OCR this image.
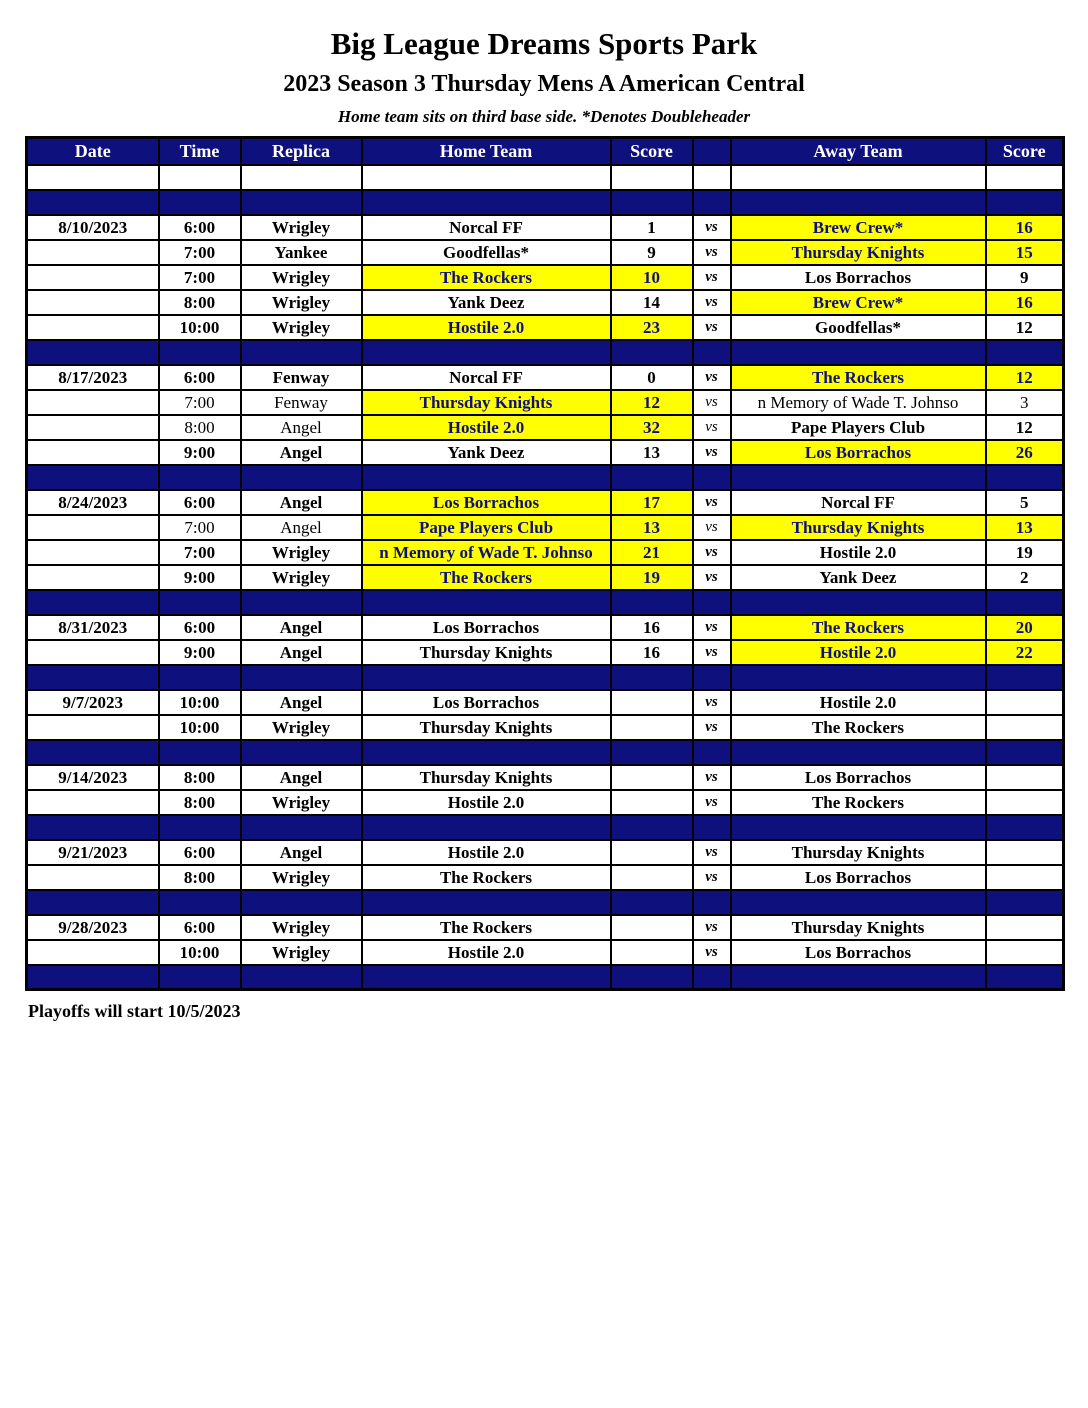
Big League Dreams Sports Park
2023 Season 3 Thursday Mens A American Central
Home team sits on third base side. *Denotes Doubleheader
Date	Time	Replica	Home Team	Score		Away Team	Score

8/10/2023	6:00	Wrigley	Norcal FF	1	vs	Brew Crew*	16
	7:00	Yankee	Goodfellas*	9	vs	Thursday Knights	15
	7:00	Wrigley	The Rockers	10	vs	Los Borrachos	9
	8:00	Wrigley	Yank Deez	14	vs	Brew Crew*	16
	10:00	Wrigley	Hostile 2.0	23	vs	Goodfellas*	12

8/17/2023	6:00	Fenway	Norcal FF	0	vs	The Rockers	12
	7:00	Fenway	Thursday Knights	12	vs	n Memory of Wade T. Johnso	3
	8:00	Angel	Hostile 2.0	32	vs	Pape Players Club	12
	9:00	Angel	Yank Deez	13	vs	Los Borrachos	26

8/24/2023	6:00	Angel	Los Borrachos	17	vs	Norcal FF	5
	7:00	Angel	Pape Players Club	13	vs	Thursday Knights	13
	7:00	Wrigley	n Memory of Wade T. Johnso	21	vs	Hostile 2.0	19
	9:00	Wrigley	The Rockers	19	vs	Yank Deez	2

8/31/2023	6:00	Angel	Los Borrachos	16	vs	The Rockers	20
	9:00	Angel	Thursday Knights	16	vs	Hostile 2.0	22

9/7/2023	10:00	Angel	Los Borrachos		vs	Hostile 2.0	
	10:00	Wrigley	Thursday Knights		vs	The Rockers	

9/14/2023	8:00	Angel	Thursday Knights		vs	Los Borrachos	
	8:00	Wrigley	Hostile 2.0		vs	The Rockers	

9/21/2023	6:00	Angel	Hostile 2.0		vs	Thursday Knights	
	8:00	Wrigley	The Rockers		vs	Los Borrachos	

9/28/2023	6:00	Wrigley	The Rockers		vs	Thursday Knights	
	10:00	Wrigley	Hostile 2.0		vs	Los Borrachos	

Playoffs will start 10/5/2023
